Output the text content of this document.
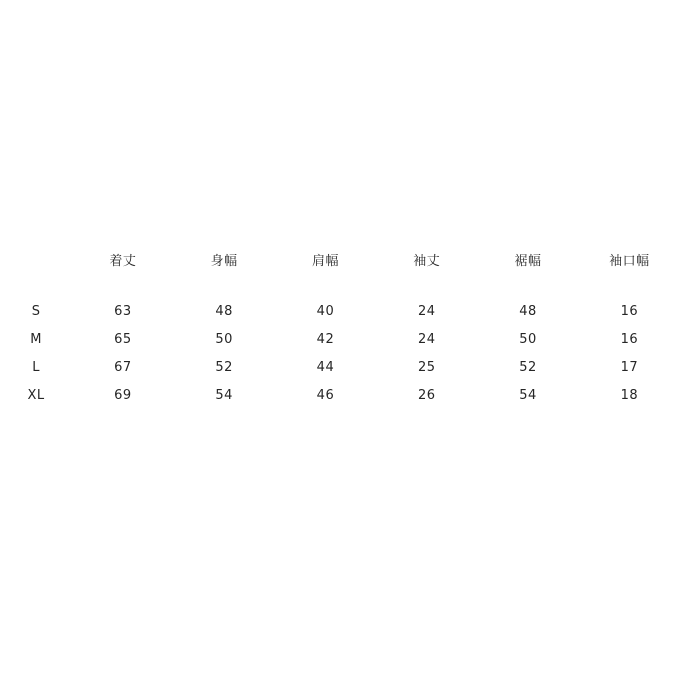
	着丈	身幅	肩幅	袖丈	裾幅	袖口幅
S	63	48	40	24	48	16
M	65	50	42	24	50	16
L	67	52	44	25	52	17
XL	69	54	46	26	54	18
